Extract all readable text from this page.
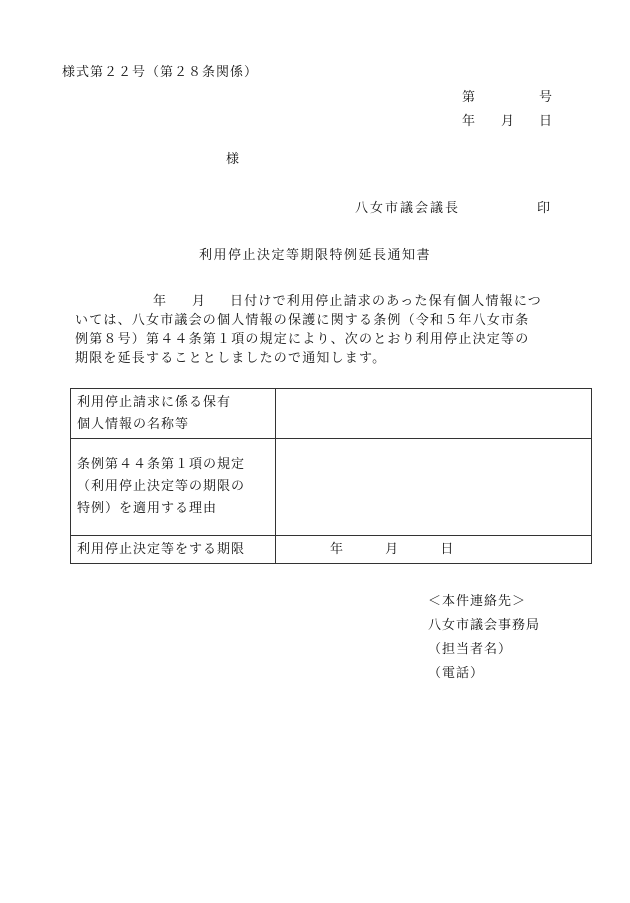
様式第２２号（第２８条関係）
第	号
年 月 日
様
八女市議会議長	印
利用停止決定等期限特例延長通知書
年 月 日付けで利用停止請求のあった保有個人情報につ
いては、八女市議会の個人情報の保護に関する条例（令和５年八女市条
例第８号）第４４条第１項の規定により、次のとおり利用停止決定等の
期限を延長することとしましたので通知します。
利用停止請求に係る保有
個人情報の名称等	

条例第４４条第１項の規定
（利用停止決定等の期限の
特例）を適用する理由	

利用停止決定等をする期限	年 月 日
＜本件連絡先＞
八女市議会事務局
（担当者名）
（電話）
